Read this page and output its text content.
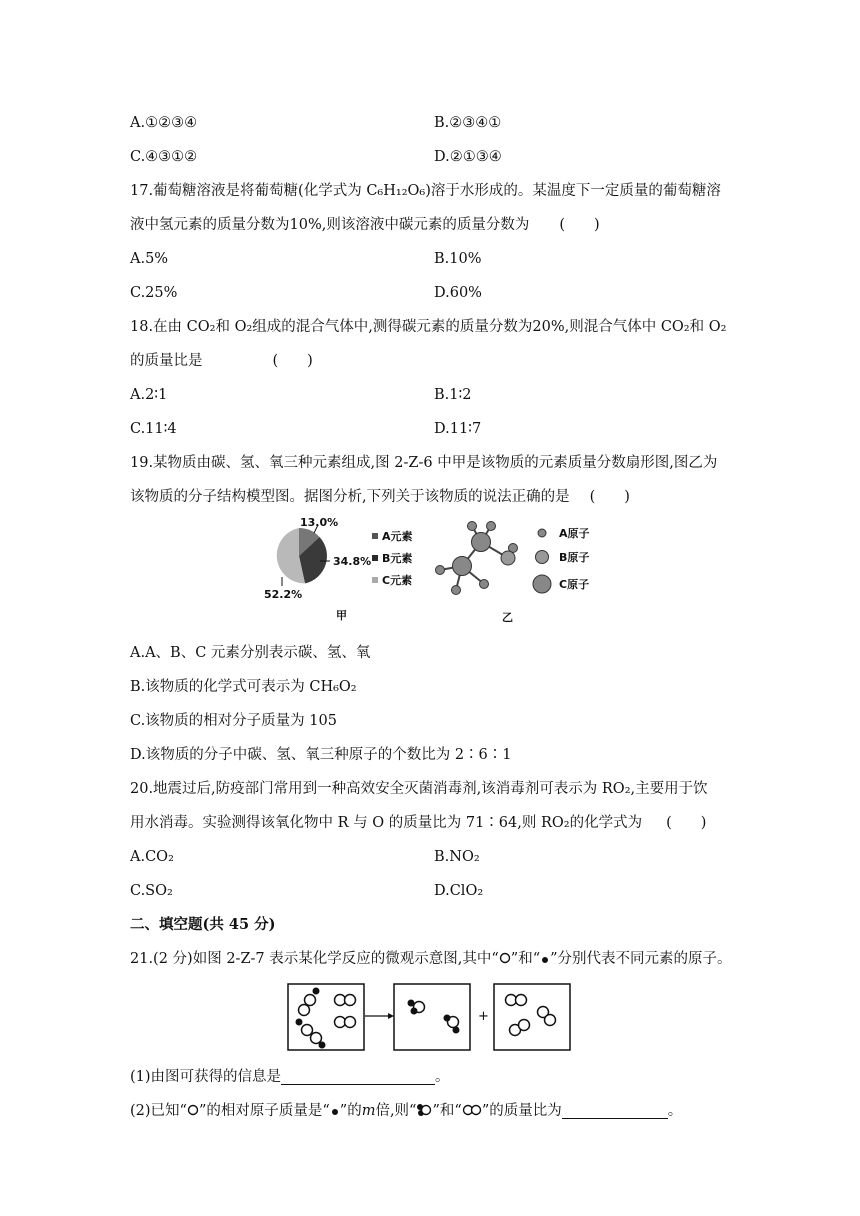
A.①②③④	B.②③④①
C.④③①②	D.②①③④
17.葡萄糖溶液是将葡萄糖(化学式为 C₆H₁₂O₆)溶于水形成的。某温度下一定质量的葡萄糖溶
液中氢元素的质量分数为10%,则该溶液中碳元素的质量分数为 (　　)
A.5%	B.10%
C.25%	D.60%
18.在由 CO₂和 O₂组成的混合气体中,测得碳元素的质量分数为20%,则混合气体中 CO₂和 O₂
的质量比是	(　　)
A.2∶1	B.1∶2
C.11∶4	D.11∶7
19.某物质由碳、氢、氧三种元素组成,图 2-Z-6 中甲是该物质的元素质量分数扇形图,图乙为
该物质的分子结构模型图。据图分析,下列关于该物质的说法正确的是 (　　)
13.0%
34.8%
52.2%
A元素
B元素
C元素
甲
A原子
B原子
C原子
乙
A.A、B、C 元素分别表示碳、氢、氧
B.该物质的化学式可表示为 CH₆O₂
C.该物质的相对分子质量为 105
D.该物质的分子中碳、氢、氧三种原子的个数比为 2∶6∶1
20.地震过后,防疫部门常用到一种高效安全灭菌消毒剂,该消毒剂可表示为 RO₂,主要用于饮
用水消毒。实验测得该氧化物中 R 与 O 的质量比为 71∶64,则 RO₂的化学式为 (　　)
A.CO₂	B.NO₂
C.SO₂	D.ClO₂
二、填空题(共 45 分)
21.(2 分)如图 2-Z-7 表示某化学反应的微观示意图,其中“ ”和“ ”分别代表不同元素的原子。
+
(1)由图可获得的信息是	。
(2)已知“ ”的相对原子质量是“ ”的m倍,则“ ”和“ ”的质量比为	。
